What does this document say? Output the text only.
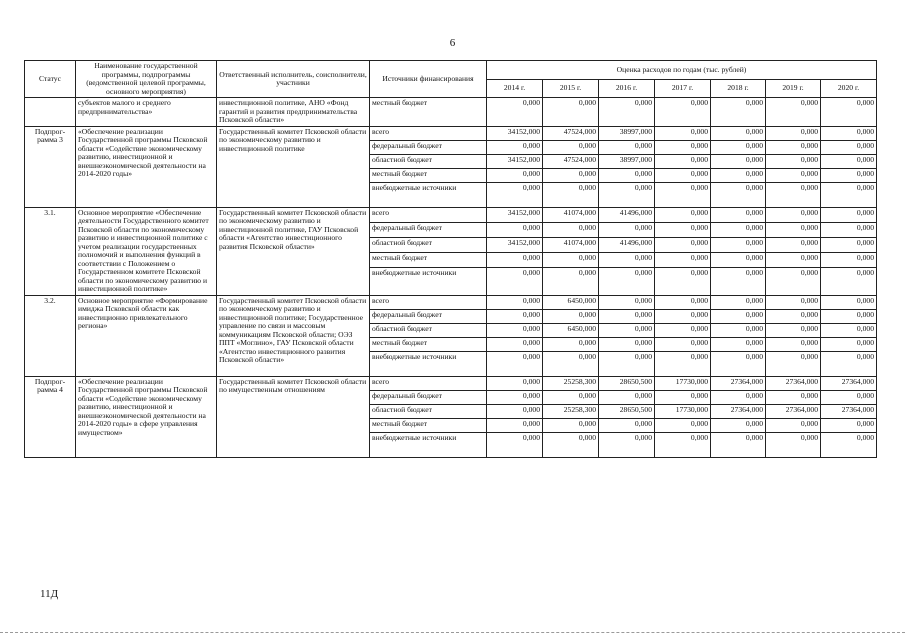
6
Статус	Наименование государственной программы, подпрограммы (ведомственной целевой программы, основного мероприятия)	Ответственный исполнитель, соисполнители, участники	Источники финансирования	Оценка расходов по годам (тыс. рублей)						
				2014 г.	2015 г.	2016 г.	2017 г.	2018 г.	2019 г.	2020 г.
	субъектов малого и среднего предпринимательства»	инвестиционной политике, АНО «Фонд гарантий и развития предпринимательства Псковской области»	местный бюджет	0,000	0,000	0,000	0,000	0,000	0,000	0,000
Подпрог-рамма 3	«Обеспечение реализации Государственной программы Псковской области «Содействие экономическому развитию, инвестиционной и внешнеэкономической деятельности на 2014-2020 годы»	Государственный комитет Псковской области по экономическому развитию и инвестиционной политике	всего	34152,000	47524,000	38997,000	0,000	0,000	0,000	0,000
			федеральный бюджет	0,000	0,000	0,000	0,000	0,000	0,000	0,000
			областной бюджет	34152,000	47524,000	38997,000	0,000	0,000	0,000	0,000
			местный бюджет	0,000	0,000	0,000	0,000	0,000	0,000	0,000
			внебюджетные источники	0,000	0,000	0,000	0,000	0,000	0,000	0,000
3.1.	Основное мероприятие «Обеспечение деятельности Государственного комитет Псковской области по экономическому развитию и инвестиционной политике с учетом реализации государственных полномочий и выполнения функций в соответствии с Положением о Государственном комитете Псковской области по экономическому развитию и инвестиционной политике»	Государственный комитет Псковской области по экономическому развитию и инвестиционной политике, ГАУ Псковской области «Агентство инвестиционного развития Псковской области»	всего	34152,000	41074,000	41496,000	0,000	0,000	0,000	0,000
			федеральный бюджет	0,000	0,000	0,000	0,000	0,000	0,000	0,000
			областной бюджет	34152,000	41074,000	41496,000	0,000	0,000	0,000	0,000
			местный бюджет	0,000	0,000	0,000	0,000	0,000	0,000	0,000
			внебюджетные источники	0,000	0,000	0,000	0,000	0,000	0,000	0,000
3.2.	Основное мероприятие «Формирование имиджа Псковской области как инвестиционно привлекательного региона»	Государственный комитет Псковской области по экономическому развитию и инвестиционной политике; Государственное управление по связи и массовым коммуникациям Псковской области; ОЭЗ ППТ «Моглино», ГАУ Псковской области «Агентство инвестиционного развития Псковской области»	всего	0,000	6450,000	0,000	0,000	0,000	0,000	0,000
			федеральный бюджет	0,000	0,000	0,000	0,000	0,000	0,000	0,000
			областной бюджет	0,000	6450,000	0,000	0,000	0,000	0,000	0,000
			местный бюджет	0,000	0,000	0,000	0,000	0,000	0,000	0,000
			внебюджетные источники	0,000	0,000	0,000	0,000	0,000	0,000	0,000
Подпрог-рамма 4	«Обеспечение реализации Государственной программы Псковской области «Содействие экономическому развитию, инвестиционной и внешнеэкономической деятельности на 2014-2020 годы» в сфере управления имуществом»	Государственный комитет Псковской области по имущественным отношениям	всего	0,000	25258,300	28650,500	17730,000	27364,000	27364,000	27364,000
			федеральный бюджет	0,000	0,000	0,000	0,000	0,000	0,000	0,000
			областной бюджет	0,000	25258,300	28650,500	17730,000	27364,000	27364,000	27364,000
			местный бюджет	0,000	0,000	0,000	0,000	0,000	0,000	0,000
			внебюджетные источники	0,000	0,000	0,000	0,000	0,000	0,000	0,000
11Д
